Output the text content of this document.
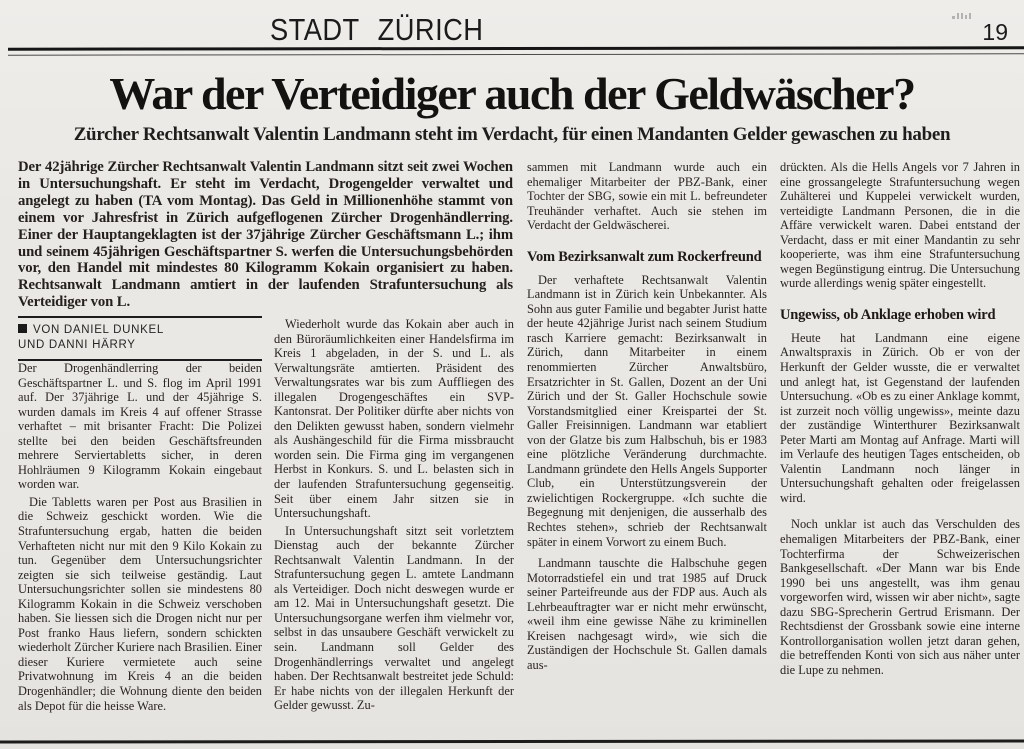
STADT ZÜRICH	19
War der Verteidiger auch der Geldwäscher?
Zürcher Rechtsanwalt Valentin Landmann steht im Verdacht, für einen Mandanten Gelder gewaschen zu haben
Der 42jährige Zürcher Rechtsanwalt Valentin Landmann sitzt seit zwei Wochen in Untersuchungshaft. Er steht im Verdacht, Drogengelder verwaltet und angelegt zu haben (TA vom Montag). Das Geld in Millionenhöhe stammt von einem vor Jahresfrist in Zürich aufgeflogenen Zürcher Drogenhändlerring. Einer der Hauptangeklagten ist der 37jährige Zürcher Geschäftsmann L.; ihm und seinem 45jährigen Geschäftspartner S. werfen die Untersuchungsbehörden vor, den Handel mit mindestes 80 Kilogramm Kokain organisiert zu haben. Rechtsanwalt Landmann amtiert in der laufenden Strafuntersuchung als Verteidiger von L.
VON DANIEL DUNKEL
UND DANNI HÄRRY

Der Drogenhändlerring der beiden Geschäftspartner L. und S. flog im April 1991 auf. Der 37jährige L. und der 45jährige S. wurden damals im Kreis 4 auf offener Strasse verhaftet – mit brisanter Fracht: Die Polizei stellte bei den beiden Geschäftsfreunden mehrere Serviertabletts sicher, in deren Hohlräumen 9 Kilogramm Kokain eingebaut worden war.

Die Tabletts waren per Post aus Brasilien in die Schweiz geschickt worden. Wie die Strafuntersuchung ergab, hatten die beiden Verhafteten nicht nur mit den 9 Kilo Kokain zu tun. Gegenüber dem Untersuchungsrichter zeigten sie sich teilweise geständig. Laut Untersuchungsrichter sollen sie mindestens 80 Kilogramm Kokain in die Schweiz verschoben haben. Sie liessen sich die Drogen nicht nur per Post franko Haus liefern, sondern schickten wiederholt Zürcher Kuriere nach Brasilien. Einer dieser Kuriere vermietete auch seine Privatwohnung im Kreis 4 an die beiden Drogenhändler; die Wohnung diente den beiden als Depot für die heisse Ware.

Wiederholt wurde das Kokain aber auch in den Büroräumlichkeiten einer Handelsfirma im Kreis 1 abgeladen, in der S. und L. als Verwaltungsräte amtierten. Präsident des Verwaltungsrates war bis zum Auffliegen des illegalen Drogengeschäftes ein SVP-Kantonsrat. Der Politiker dürfte aber nichts von den Delikten gewusst haben, sondern vielmehr als Aushängeschild für die Firma missbraucht worden sein. Die Firma ging im vergangenen Herbst in Konkurs. S. und L. belasten sich in der laufenden Strafuntersuchung gegenseitig. Seit über einem Jahr sitzen sie in Untersuchungshaft.

In Untersuchungshaft sitzt seit vorletztem Dienstag auch der bekannte Zürcher Rechtsanwalt Valentin Landmann. In der Strafuntersuchung gegen L. amtete Landmann als Verteidiger. Doch nicht deswegen wurde er am 12. Mai in Untersuchungshaft gesetzt. Die Untersuchungsorgane werfen ihm vielmehr vor, selbst in das unsaubere Geschäft verwickelt zu sein. Landmann soll Gelder des Drogenhändlerrings verwaltet und angelegt haben. Der Rechtsanwalt bestreitet jede Schuld: Er habe nichts von der illegalen Herkunft der Gelder gewusst. Zu-

sammen mit Landmann wurde auch ein ehemaliger Mitarbeiter der PBZ-Bank, einer Tochter der SBG, sowie ein mit L. befreundeter Treuhänder verhaftet. Auch sie stehen im Verdacht der Geldwäscherei.

Vom Bezirksanwalt zum Rockerfreund

Der verhaftete Rechtsanwalt Valentin Landmann ist in Zürich kein Unbekannter. Als Sohn aus guter Familie und begabter Jurist hatte der heute 42jährige Jurist nach seinem Studium rasch Karriere gemacht: Bezirksanwalt in Zürich, dann Mitarbeiter in einem renommierten Zürcher Anwaltsbüro, Ersatzrichter in St. Gallen, Dozent an der Uni Zürich und der St. Galler Hochschule sowie Vorstandsmitglied einer Kreispartei der St. Galler Freisinnigen. Landmann war etabliert von der Glatze bis zum Halbschuh, bis er 1983 eine plötzliche Veränderung durchmachte. Landmann gründete den Hells Angels Supporter Club, ein Unterstützungsverein der zwielichtigen Rockergruppe. «Ich suchte die Begegnung mit denjenigen, die ausserhalb des Rechtes stehen», schrieb der Rechtsanwalt später in einem Vorwort zu einem Buch.

Landmann tauschte die Halbschuhe gegen Motorradstiefel ein und trat 1985 auf Druck seiner Parteifreunde aus der FDP aus. Auch als Lehrbeauftragter war er nicht mehr erwünscht, «weil ihm eine gewisse Nähe zu kriminellen Kreisen nachgesagt wird», wie sich die Zuständigen der Hochschule St. Gallen damals aus-

drückten. Als die Hells Angels vor 7 Jahren in eine grossangelegte Strafuntersuchung wegen Zuhälterei und Kuppelei verwickelt wurden, verteidigte Landmann Personen, die in die Affäre verwickelt waren. Dabei entstand der Verdacht, dass er mit einer Mandantin zu sehr kooperierte, was ihm eine Strafuntersuchung wegen Begünstigung eintrug. Die Untersuchung wurde allerdings wenig später eingestellt.

Ungewiss, ob Anklage erhoben wird

Heute hat Landmann eine eigene Anwaltspraxis in Zürich. Ob er von der Herkunft der Gelder wusste, die er verwaltet und anlegt hat, ist Gegenstand der laufenden Untersuchung. «Ob es zu einer Anklage kommt, ist zurzeit noch völlig ungewiss», meinte dazu der zuständige Winterthurer Bezirksanwalt Peter Marti am Montag auf Anfrage. Marti will im Verlaufe des heutigen Tages entscheiden, ob Valentin Landmann noch länger in Untersuchungshaft gehalten oder freigelassen wird.

Noch unklar ist auch das Verschulden des ehemaligen Mitarbeiters der PBZ-Bank, einer Tochterfirma der Schweizerischen Bankgesellschaft. «Der Mann war bis Ende 1990 bei uns angestellt, was ihm genau vorgeworfen wird, wissen wir aber nicht», sagte dazu SBG-Sprecherin Gertrud Erismann. Der Rechtsdienst der Grossbank sowie eine interne Kontrollorganisation wollen jetzt daran gehen, die betreffenden Konti von sich aus näher unter die Lupe zu nehmen.
